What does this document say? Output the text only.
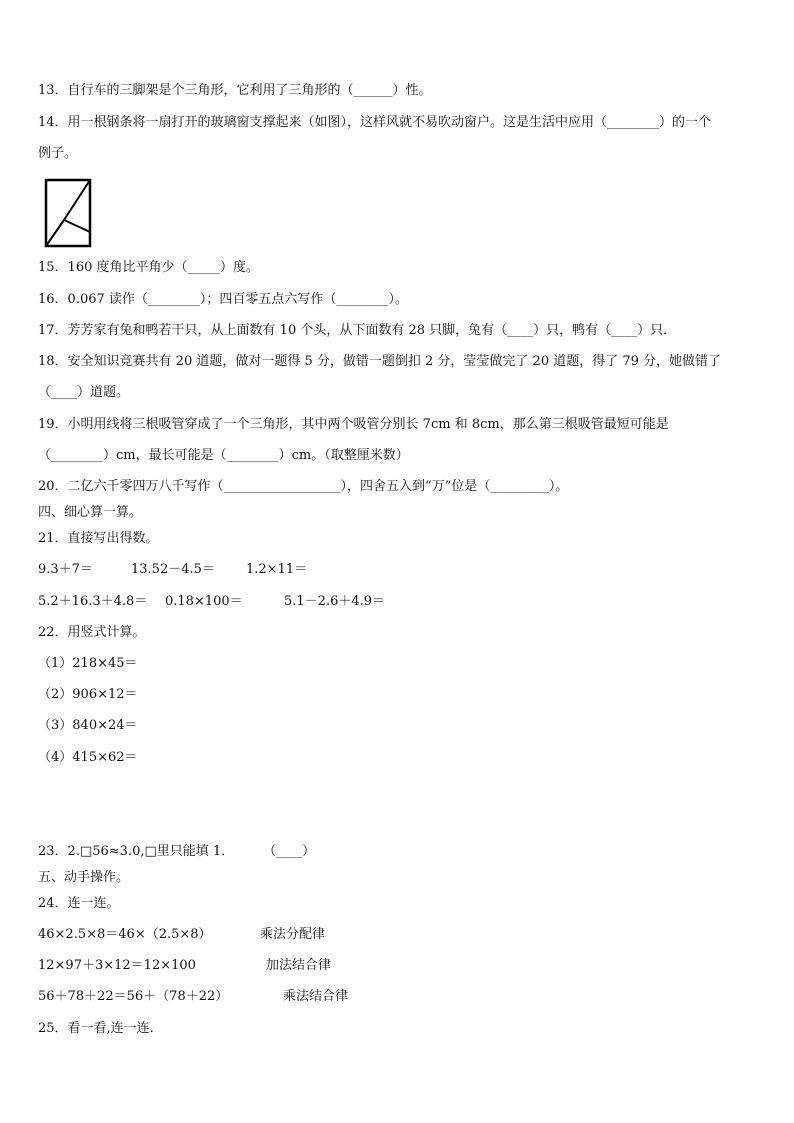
13．自行车的三脚架是个三角形，它利用了三角形的（______）性。
14．用一根钢条将一扇打开的玻璃窗支撑起来（如图），这样风就不易吹动窗户。这是生活中应用（________）的一个
例子。
15．160 度角比平角少（_____）度。
16．0.067 读作（________）；四百零五点六写作（________）。
17．芳芳家有兔和鸭若干只，从上面数有 10 个头，从下面数有 28 只脚，兔有（____）只，鸭有（____）只．
18．安全知识竞赛共有 20 道题，做对一题得 5 分，做错一题倒扣 2 分，莹莹做完了 20 道题，得了 79 分，她做错了
（____）道题。
19．小明用线将三根吸管穿成了一个三角形，其中两个吸管分别长 7cm 和 8cm，那么第三根吸管最短可能是
（________）cm，最长可能是（________）cm。（取整厘米数）
20．二亿六千零四万八千写作（__________________），四舍五入到“万”位是（_________）。
四、细心算一算。
21．直接写出得数。
9.3＋7＝	13.52－4.5＝ 1.2×11＝
5.2＋16.3＋4.8＝ 0.18×100＝	5.1－2.6＋4.9＝
22．用竖式计算。
（1）218×45＝
（2）906×12＝
（3）840×24＝
（4）415×62＝
23．2.□56≈3.0,□里只能填 1．       （____）
五、动手操作。
24．连一连。
46×2.5×8＝46×（2.5×8）	乘法分配律
12×97＋3×12＝12×100	加法结合律
56＋78＋22＝56＋（78＋22）	乘法结合律
25．看一看,连一连.
